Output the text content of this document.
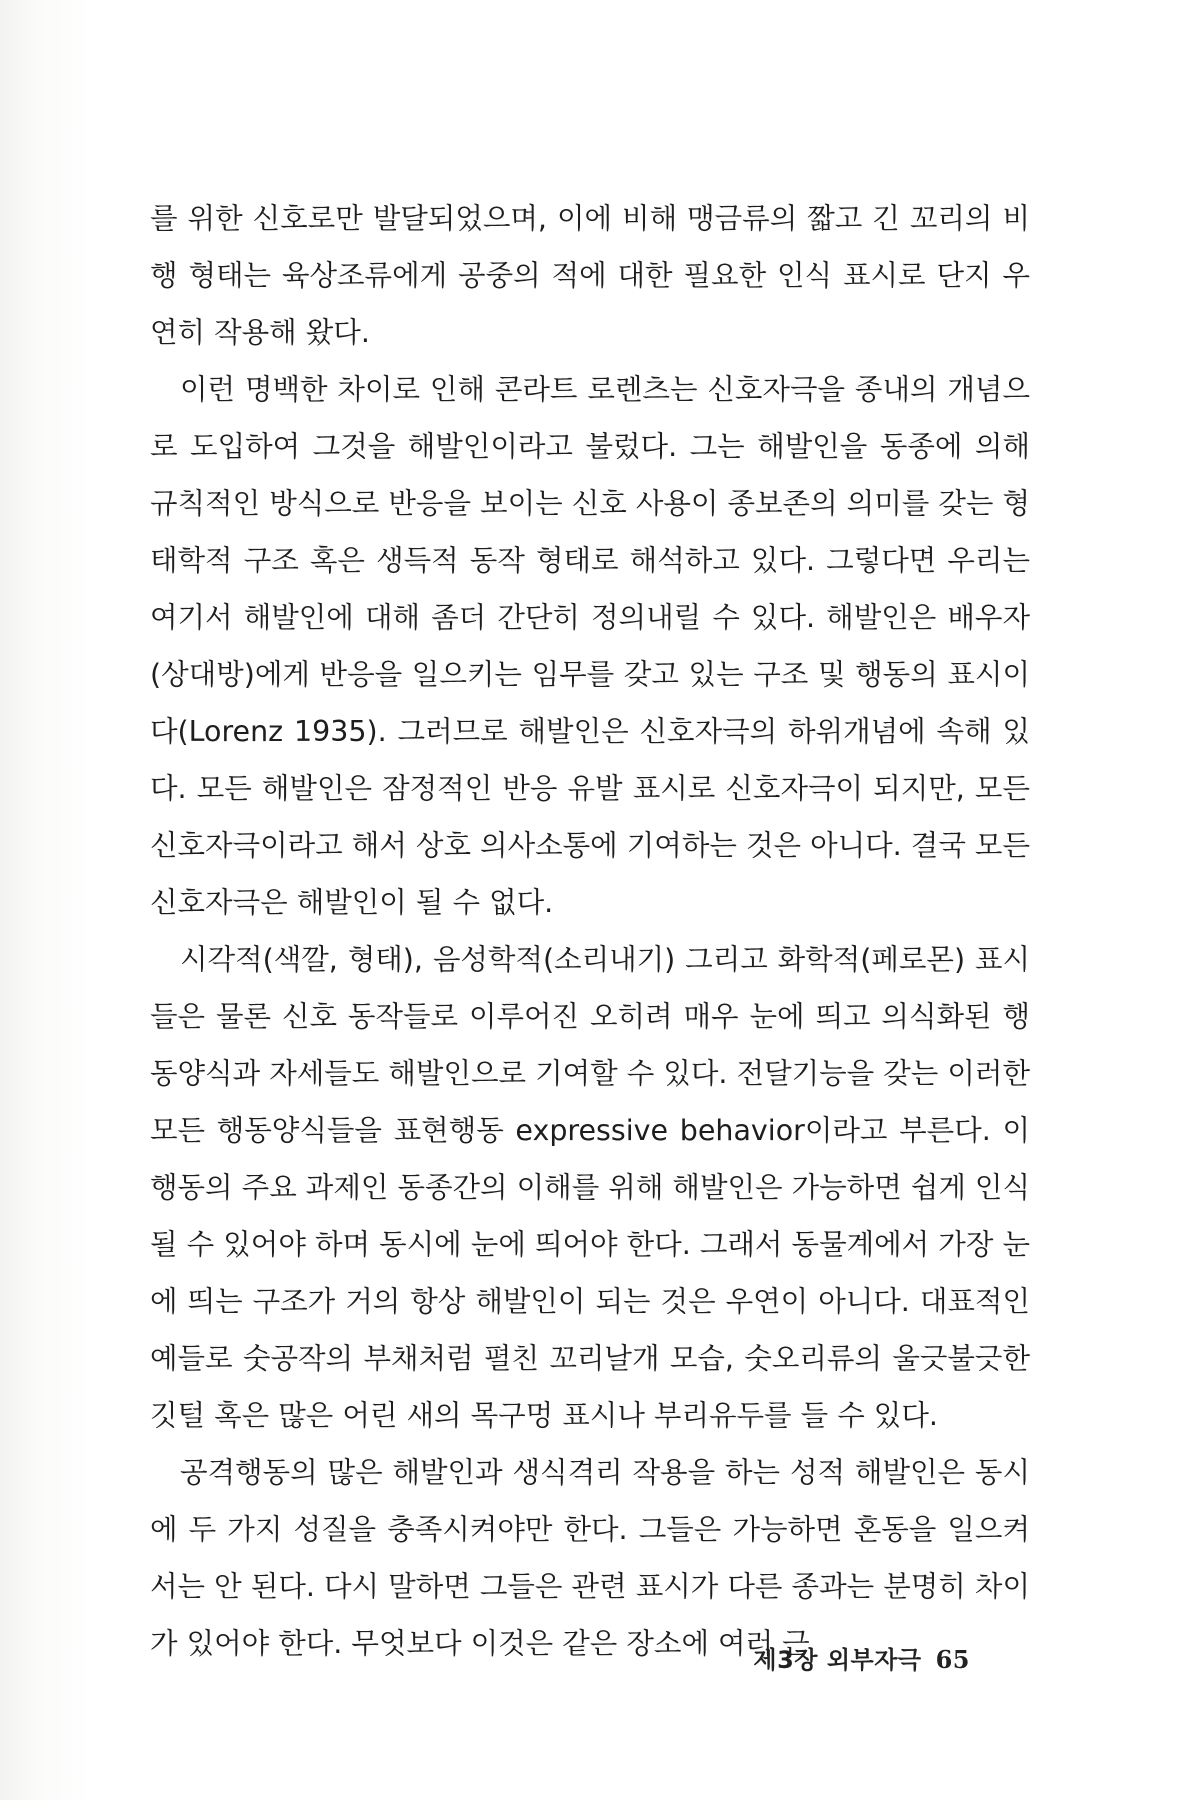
를 위한 신호로만 발달되었으며, 이에 비해 맹금류의 짧고 긴 꼬리의 비행 형태는 육상조류에게 공중의 적에 대한 필요한 인식 표시로 단지 우연히 작용해 왔다.

이런 명백한 차이로 인해 콘라트 로렌츠는 신호자극을 종내의 개념으로 도입하여 그것을 해발인이라고 불렀다. 그는 해발인을 동종에 의해 규칙적인 방식으로 반응을 보이는 신호 사용이 종보존의 의미를 갖는 형태학적 구조 혹은 생득적 동작 형태로 해석하고 있다. 그렇다면 우리는 여기서 해발인에 대해 좀더 간단히 정의내릴 수 있다. 해발인은 배우자(상대방)에게 반응을 일으키는 임무를 갖고 있는 구조 및 행동의 표시이다(Lorenz 1935). 그러므로 해발인은 신호자극의 하위개념에 속해 있다. 모든 해발인은 잠정적인 반응 유발 표시로 신호자극이 되지만, 모든 신호자극이라고 해서 상호 의사소통에 기여하는 것은 아니다. 결국 모든 신호자극은 해발인이 될 수 없다.

시각적(색깔, 형태), 음성학적(소리내기) 그리고 화학적(페로몬) 표시들은 물론 신호 동작들로 이루어진 오히려 매우 눈에 띄고 의식화된 행동양식과 자세들도 해발인으로 기여할 수 있다. 전달기능을 갖는 이러한 모든 행동양식들을 표현행동 expressive behavior이라고 부른다. 이 행동의 주요 과제인 동종간의 이해를 위해 해발인은 가능하면 쉽게 인식될 수 있어야 하며 동시에 눈에 띄어야 한다. 그래서 동물계에서 가장 눈에 띄는 구조가 거의 항상 해발인이 되는 것은 우연이 아니다. 대표적인 예들로 숫공작의 부채처럼 펼친 꼬리날개 모습, 숫오리류의 울긋불긋한 깃털 혹은 많은 어린 새의 목구멍 표시나 부리유두를 들 수 있다.

공격행동의 많은 해발인과 생식격리 작용을 하는 성적 해발인은 동시에 두 가지 성질을 충족시켜야만 한다. 그들은 가능하면 혼동을 일으켜서는 안 된다. 다시 말하면 그들은 관련 표시가 다른 종과는 분명히 차이가 있어야 한다. 무엇보다 이것은 같은 장소에 여러 근

제3장 외부자극 65
